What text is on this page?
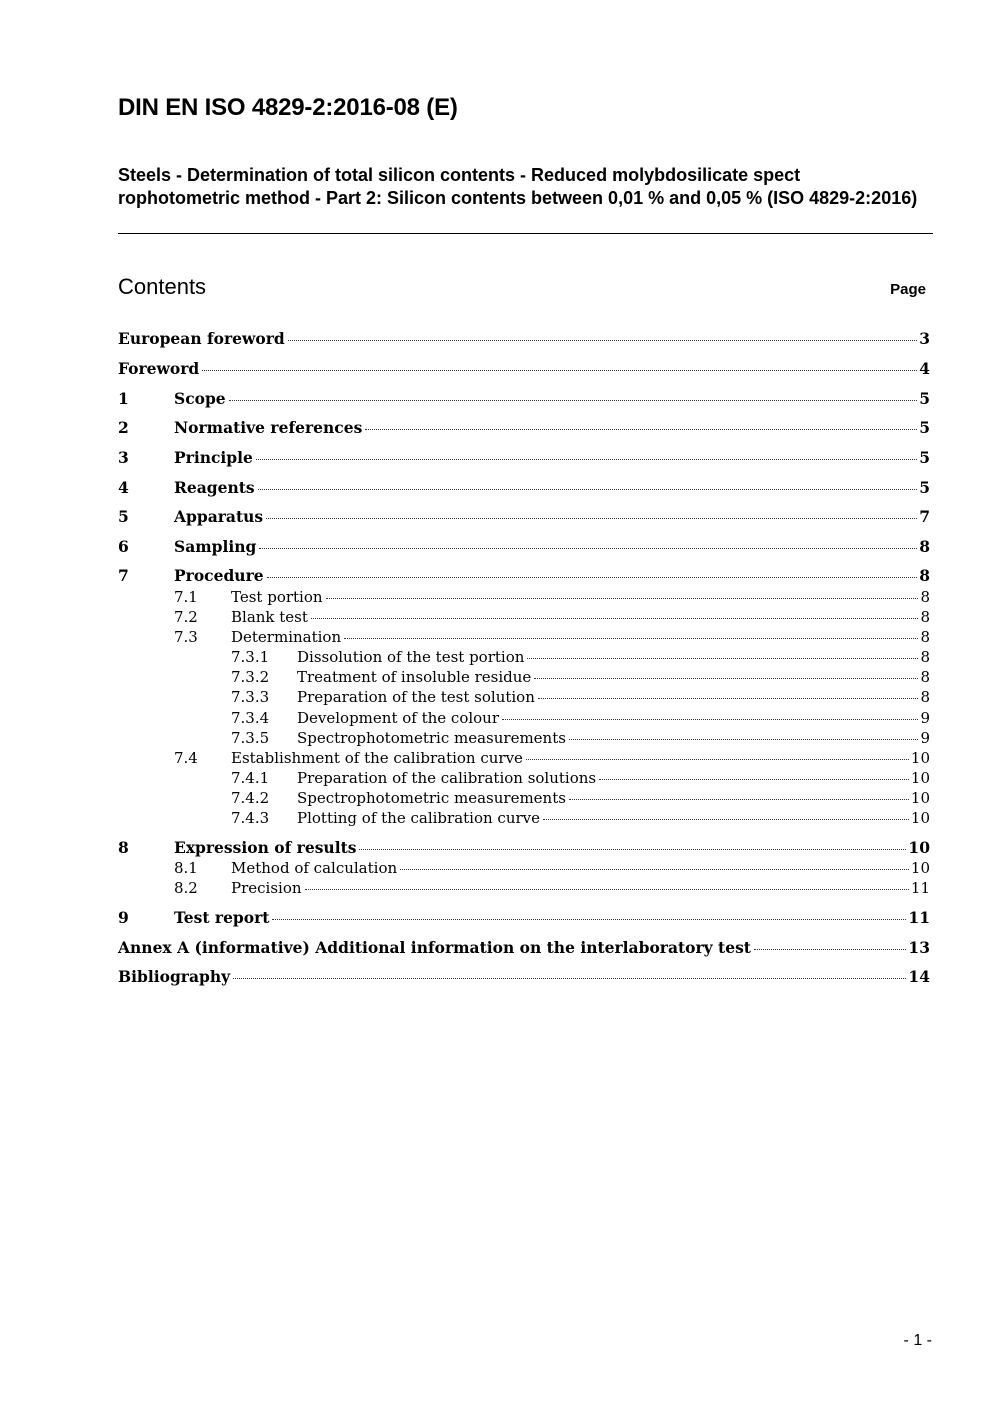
DIN EN ISO 4829-2:2016-08 (E)
Steels - Determination of total silicon contents - Reduced molybdosilicate spect rophotometric method - Part 2: Silicon contents between 0,01 % and 0,05 % (ISO 4829-2:2016)
Contents	Page
European foreword	3
Foreword	4
1	Scope	5
2	Normative references	5
3	Principle	5
4	Reagents	5
5	Apparatus	7
6	Sampling	8
7	Procedure	8
7.1	Test portion	8
7.2	Blank test	8
7.3	Determination	8
7.3.1	Dissolution of the test portion	8
7.3.2	Treatment of insoluble residue	8
7.3.3	Preparation of the test solution	8
7.3.4	Development of the colour	9
7.3.5	Spectrophotometric measurements	9
7.4	Establishment of the calibration curve	10
7.4.1	Preparation of the calibration solutions	10
7.4.2	Spectrophotometric measurements	10
7.4.3	Plotting of the calibration curve	10
8	Expression of results	10
8.1	Method of calculation	10
8.2	Precision	11
9	Test report	11
Annex A (informative) Additional information on the interlaboratory test	13
Bibliography	14
- 1 -
